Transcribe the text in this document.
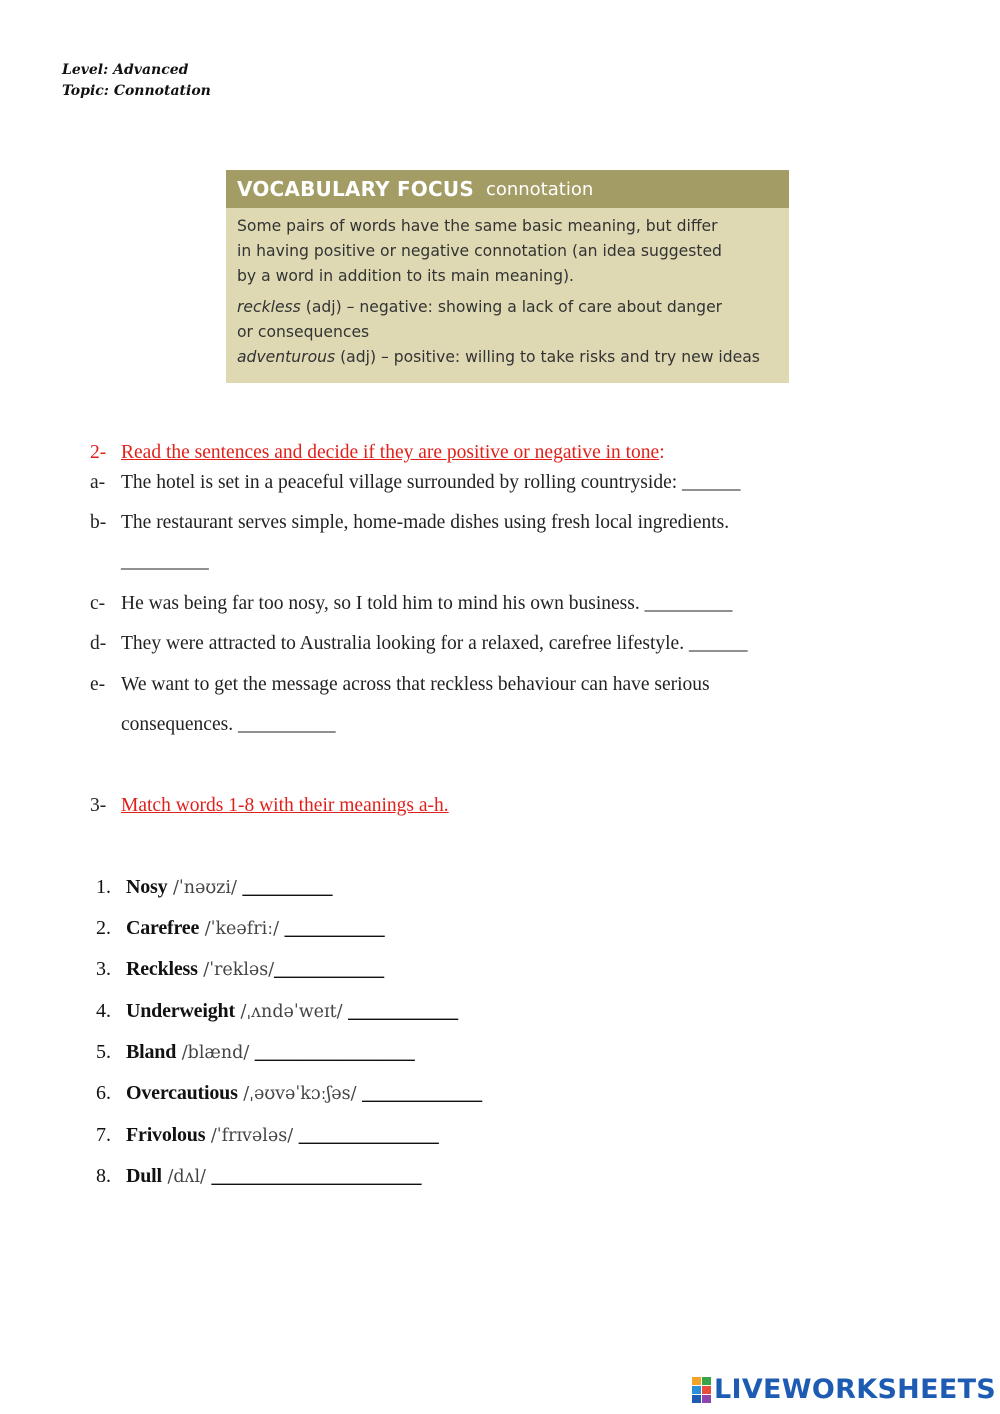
Level: Advanced
Topic: Connotation
VOCABULARY FOCUS connotation

Some pairs of words have the same basic meaning, but differ

in having positive or negative connotation (an idea suggested

by a word in addition to its main meaning).

reckless (adj) – negative: showing a lack of care about danger

or consequences

adventurous (adj) – positive: willing to take risks and try new ideas

2- Read the sentences and decide if they are positive or negative in tone:
a- The hotel is set in a peaceful village surrounded by rolling countryside: ______
b- The restaurant serves simple, home-made dishes using fresh local ingredients.
_________
c- He was being far too nosy, so I told him to mind his own business. _________
d- They were attracted to Australia looking for a relaxed, carefree lifestyle. ______
e- We want to get the message across that reckless behaviour can have serious
consequences. __________
3- Match words 1-8 with their meanings a-h.
1. Nosy /ˈnəʊzi/ _________
2. Carefree /ˈkeəfriː/ __________
3. Reckless /ˈrekləs/___________
4. Underweight /ˌʌndəˈweɪt/ ___________
5. Bland /blænd/ ________________
6. Overcautious /ˌəʊvəˈkɔːʃəs/ ____________
7. Frivolous /ˈfrɪvələs/ ______________
8. Dull /dʌl/ _____________________
LIVEWORKSHEETS
